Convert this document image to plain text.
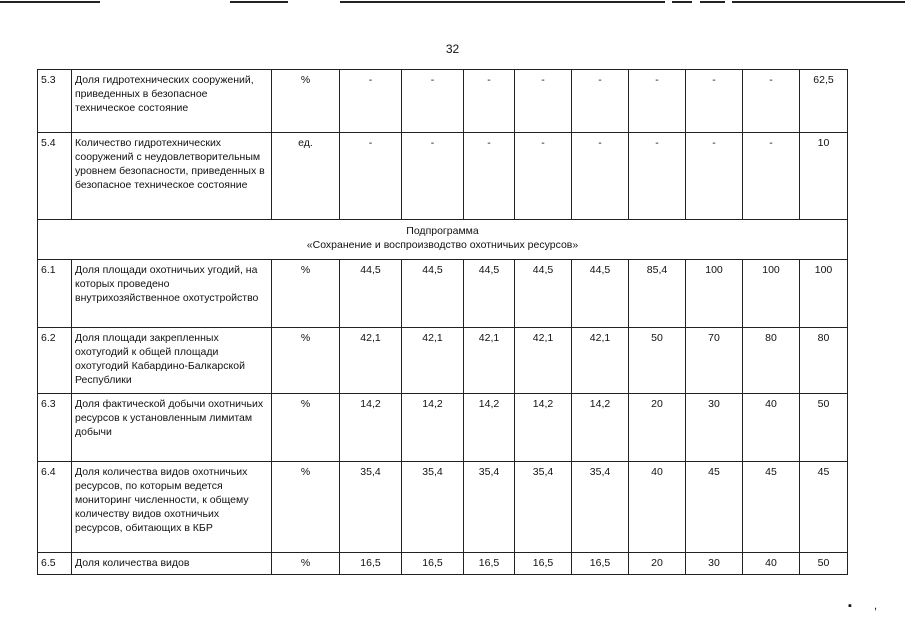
32
5.3	Доля гидротехнических сооружений, приведенных в безопасное техническое состояние	%	-	-	-	-	-	-	-	-	62,5
5.4	Количество гидротехнических сооружений с неудовлетворительным уровнем безопасности, приведенных в безопасное техническое состояние	ед.	-	-	-	-	-	-	-	-	10

Подпрограмма
«Сохранение и воспроизводство охотничьих ресурсов»											

6.1	Доля площади охотничьих угодий, на которых проведено внутрихозяйственное охотустройство	%	44,5	44,5	44,5	44,5	44,5	85,4	100	100	100
6.2	Доля площади закрепленных охотугодий к общей площади охотугодий Кабардино-Балкарской Республики	%	42,1	42,1	42,1	42,1	42,1	50	70	80	80
6.3	Доля фактической добычи охотничьих ресурсов к установленным лимитам добычи	%	14,2	14,2	14,2	14,2	14,2	20	30	40	50
6.4	Доля количества видов охотничьих ресурсов, по которым ведется мониторинг численности, к общему количеству видов охотничьих ресурсов, обитающих в КБР	%	35,4	35,4	35,4	35,4	35,4	40	45	45	45
6.5	Доля количества видов	%	16,5	16,5	16,5	16,5	16,5	20	30	40	50
▪ ,
